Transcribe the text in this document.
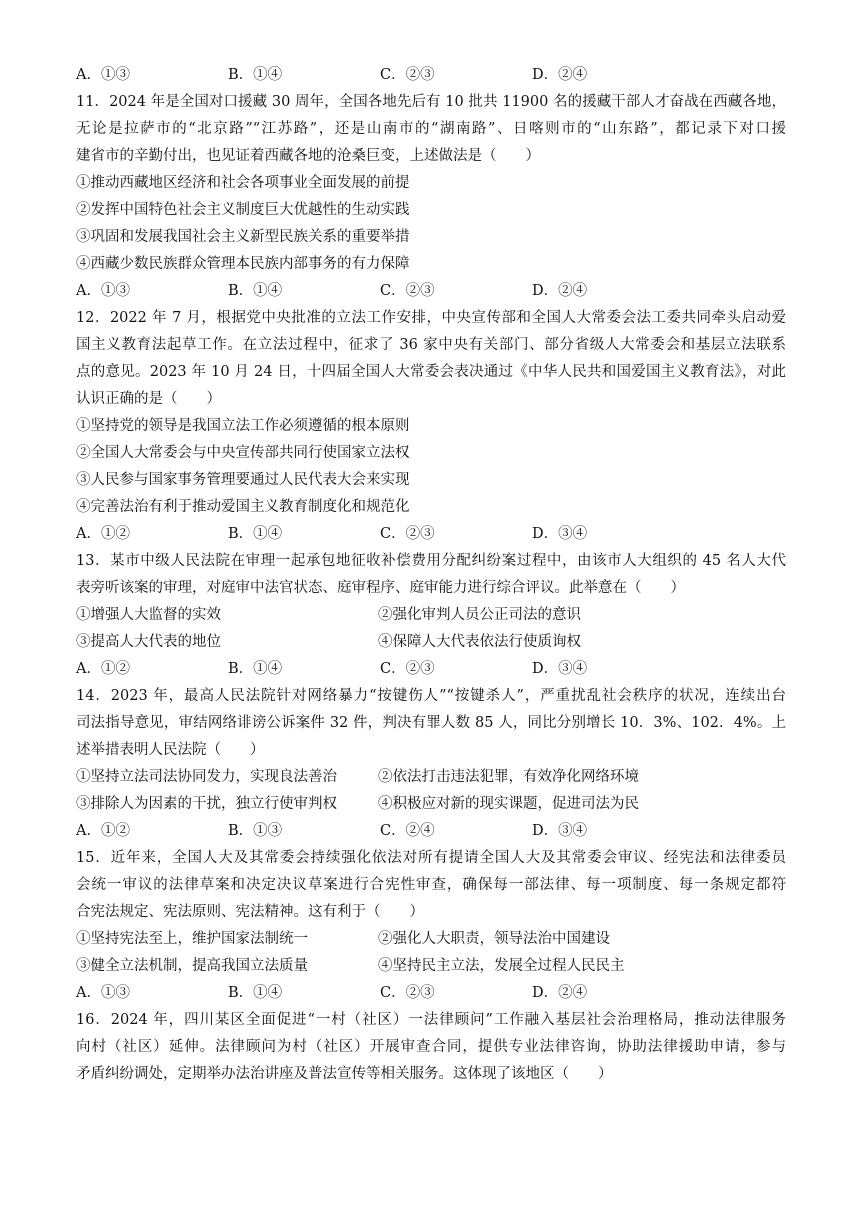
A．①③	B．①④	C．②③	D．②④
11．2024 年是全国对口援藏 30 周年，全国各地先后有 10 批共 11900 名的援藏干部人才奋战在西藏各地，
无论是拉萨市的“北京路”“江苏路”，还是山南市的“湖南路”、日喀则市的“山东路”，都记录下对口援
建省市的辛勤付出，也见证着西藏各地的沧桑巨变，上述做法是（　　）
①推动西藏地区经济和社会各项事业全面发展的前提
②发挥中国特色社会主义制度巨大优越性的生动实践
③巩固和发展我国社会主义新型民族关系的重要举措
④西藏少数民族群众管理本民族内部事务的有力保障
A．①③	B．①④	C．②③	D．②④
12．2022 年 7 月，根据党中央批准的立法工作安排，中央宣传部和全国人大常委会法工委共同牵头启动爱
国主义教育法起草工作。在立法过程中，征求了 36 家中央有关部门、部分省级人大常委会和基层立法联系
点的意见。2023 年 10 月 24 日，十四届全国人大常委会表决通过《中华人民共和国爱国主义教育法》，对此
认识正确的是（　　）
①坚持党的领导是我国立法工作必须遵循的根本原则
②全国人大常委会与中央宣传部共同行使国家立法权
③人民参与国家事务管理要通过人民代表大会来实现
④完善法治有利于推动爱国主义教育制度化和规范化
A．①②	B．①④	C．②③	D．③④
13．某市中级人民法院在审理一起承包地征收补偿费用分配纠纷案过程中，由该市人大组织的 45 名人大代
表旁听该案的审理，对庭审中法官状态、庭审程序、庭审能力进行综合评议。此举意在（　　）
①增强人大监督的实效	②强化审判人员公正司法的意识
③提高人大代表的地位	④保障人大代表依法行使质询权
A．①②	B．①④	C．②③	D．③④
14．2023 年，最高人民法院针对网络暴力“按键伤人”“按键杀人”，严重扰乱社会秩序的状况，连续出台
司法指导意见，审结网络诽谤公诉案件 32 件，判决有罪人数 85 人，同比分别增长 10．3%、102．4%。上
述举措表明人民法院（　　）
①坚持立法司法协同发力，实现良法善治	②依法打击违法犯罪，有效净化网络环境
③排除人为因素的干扰，独立行使审判权	④积极应对新的现实课题，促进司法为民
A．①②	B．①③	C．②④	D．③④
15．近年来，全国人大及其常委会持续强化依法对所有提请全国人大及其常委会审议、经宪法和法律委员
会统一审议的法律草案和决定决议草案进行合宪性审查，确保每一部法律、每一项制度、每一条规定都符
合宪法规定、宪法原则、宪法精神。这有利于（　　）
①坚持宪法至上，维护国家法制统一	②强化人大职责，领导法治中国建设
③健全立法机制，提高我国立法质量	④坚持民主立法，发展全过程人民民主
A．①③	B．①④	C．②③	D．②④
16．2024 年，四川某区全面促进“一村（社区）一法律顾问”工作融入基层社会治理格局，推动法律服务
向村（社区）延伸。法律顾问为村（社区）开展审查合同，提供专业法律咨询，协助法律援助申请，参与
矛盾纠纷调处，定期举办法治讲座及普法宣传等相关服务。这体现了该地区（　　）
